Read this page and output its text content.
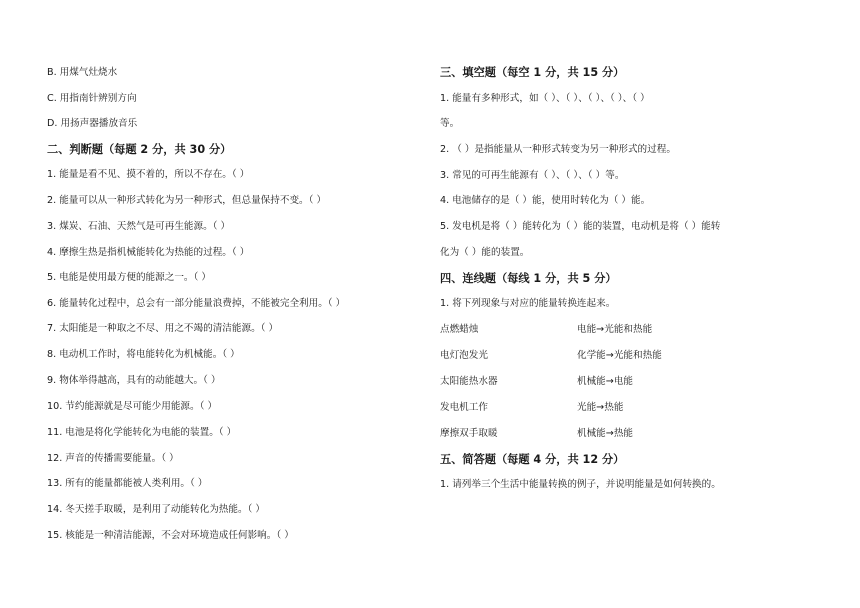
B. 用煤气灶烧水
C. 用指南针辨别方向
D. 用扬声器播放音乐
二、判断题（每题 2 分，共 30 分）
1. 能量是看不见、摸不着的，所以不存在。（ ）
2. 能量可以从一种形式转化为另一种形式，但总量保持不变。（ ）
3. 煤炭、石油、天然气是可再生能源。（ ）
4. 摩擦生热是指机械能转化为热能的过程。（ ）
5. 电能是使用最方便的能源之一。（ ）
6. 能量转化过程中，总会有一部分能量浪费掉，不能被完全利用。（ ）
7. 太阳能是一种取之不尽、用之不竭的清洁能源。（ ）
8. 电动机工作时，将电能转化为机械能。（ ）
9. 物体举得越高，具有的动能越大。（ ）
10. 节约能源就是尽可能少用能源。（ ）
11. 电池是将化学能转化为电能的装置。（ ）
12. 声音的传播需要能量。（ ）
13. 所有的能量都能被人类利用。（ ）
14. 冬天搓手取暖，是利用了动能转化为热能。（ ）
15. 核能是一种清洁能源，不会对环境造成任何影响。（ ）
三、填空题（每空 1 分，共 15 分）
1. 能量有多种形式，如（ ）、（ ）、（ ）、（ ）、（ ）
等。
2. （ ）是指能量从一种形式转变为另一种形式的过程。
3. 常见的可再生能源有（ ）、（ ）、（ ）等。
4. 电池储存的是（ ）能，使用时转化为（ ）能。
5. 发电机是将（ ）能转化为（ ）能的装置，电动机是将（ ）能转
化为（ ）能的装置。
四、连线题（每线 1 分，共 5 分）
1. 将下列现象与对应的能量转换连起来。
点燃蜡烛	电能→光能和热能
电灯泡发光	化学能→光能和热能
太阳能热水器	机械能→电能
发电机工作	光能→热能
摩擦双手取暖	机械能→热能
五、简答题（每题 4 分，共 12 分）
1. 请列举三个生活中能量转换的例子，并说明能量是如何转换的。
